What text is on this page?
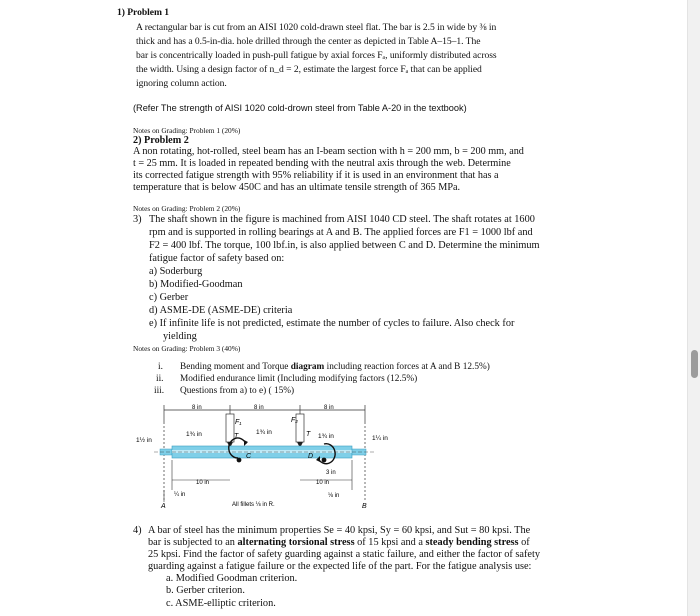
1) Problem 1
A rectangular bar is cut from an AISI 1020 cold-drawn steel flat. The bar is 2.5 in wide by ⅜ in
thick and has a 0.5-in-dia. hole drilled through the center as depicted in Table A–15–1. The
bar is concentrically loaded in push-pull fatigue by axial forces Fₐ, uniformly distributed across
the width. Using a design factor of n_d = 2, estimate the largest force Fₐ that can be applied
ignoring column action.
(Refer The strength of AISI 1020 cold-drown steel from Table A-20 in the textbook)
Notes on Grading: Problem 1 (20%)
2) Problem 2
A non rotating, hot-rolled, steel beam has an I-beam section with h = 200 mm, b = 200 mm, and
t = 25 mm. It is loaded in repeated bending with the neutral axis through the web. Determine
its corrected fatigue strength with 95% reliability if it is used in an environment that has a
temperature that is below 450C and has an ultimate tensile strength of 365 MPa.
Notes on Grading: Problem 2 (20%)
3) The shaft shown in the figure is machined from AISI 1040 CD steel. The shaft rotates at 1600
rpm and is supported in rolling bearings at A and B. The applied forces are F1 = 1000 lbf and
F2 = 400 lbf. The torque, 100 lbf.in, is also applied between C and D. Determine the minimum
fatigue factor of safety based on:
a) Soderburg
b) Modified-Goodman
c) Gerber
d) ASME-DE (ASME-DE) criteria
e) If infinite life is not predicted, estimate the number of cycles to failure. Also check for
yielding
Notes on Grading: Problem 3 (40%)
i. Bending moment and Torque diagram including reaction forces at A and B 12.5%)
ii. Modified endurance limit (Including modifying factors (12.5%)
iii. Questions from a) to e) ( 15%)
8 in	8 in	8 in
1½ in
1¾ in	1¾ in
1¾ in	1¼ in
F₁	F₂
T	T
C	D
A	B
10 in	10 in
3 in
¼ in	⅛ in
All fillets ⅛ in R.
4) A bar of steel has the minimum properties Se = 40 kpsi, Sy = 60 kpsi, and Sut = 80 kpsi. The
bar is subjected to an alternating torsional stress of 15 kpsi and a steady bending stress of
25 kpsi. Find the factor of safety guarding against a static failure, and either the factor of safety
guarding against a fatigue failure or the expected life of the part. For the fatigue analysis use:
a. Modified Goodman criterion.
b. Gerber criterion.
c. ASME-elliptic criterion.
